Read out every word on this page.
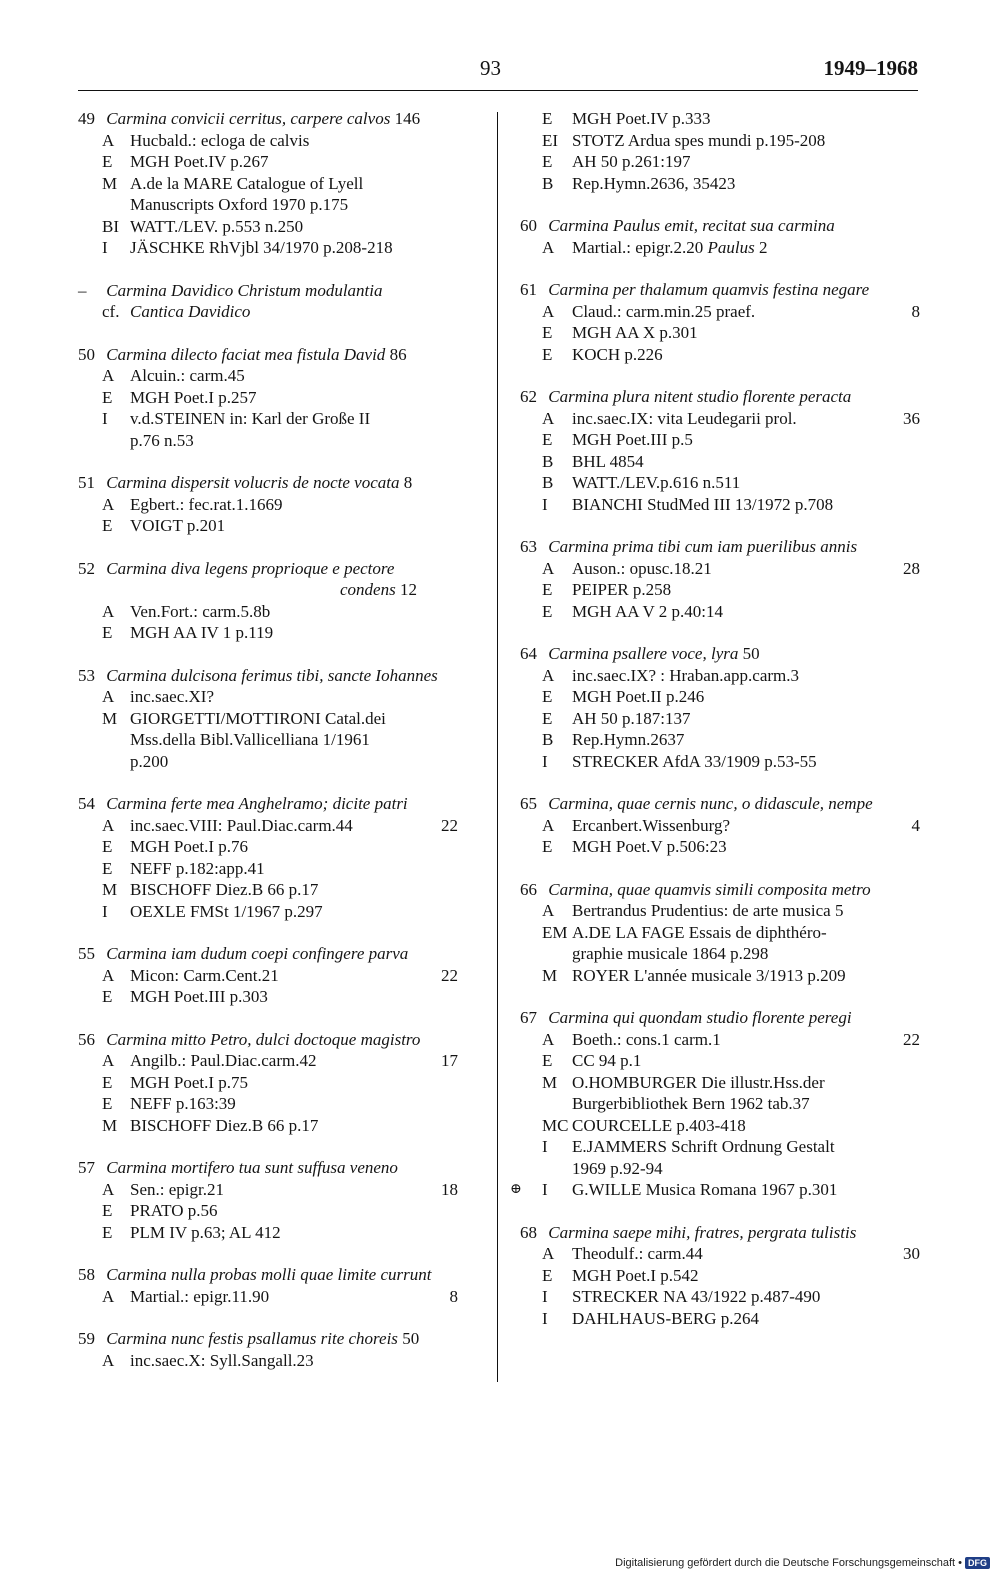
93	1949–1968
49 Carmina convicii cerritus, carpere calvos 146
A Hucbald.: ecloga de calvis
E	MGH Poet.IV p.267
M A.de la MARE Catalogue of Lyell
Manuscripts Oxford 1970 p.175
BI WATT./LEV. p.553 n.250
I	JÄSCHKE RhVjbl 34/1970 p.208-218
– Carmina Davidico Christum modulantia
cf. Cantica Davidico
50 Carmina dilecto faciat mea fistula David 86
A Alcuin.: carm.45
E	MGH Poet.I p.257
I	v.d.STEINEN in: Karl der Große II
p.76 n.53
51 Carmina dispersit volucris de nocte vocata 8
A Egbert.: fec.rat.1.1669
E	VOIGT p.201
52 Carmina diva legens proprioque e pectore
condens 12
A Ven.Fort.: carm.5.8b
E	MGH AA IV 1 p.119
53 Carmina dulcisona ferimus tibi, sancte Iohannes
A inc.saec.XI?
M GIORGETTI/MOTTIRONI Catal.dei
Mss.della Bibl.Vallicelliana 1/1961
p.200
54 Carmina ferte mea Anghelramo; dicite patri
A inc.saec.VIII: Paul.Diac.carm.44	22
E	MGH Poet.I p.76
E	NEFF p.182:app.41
M BISCHOFF Diez.B 66 p.17
I	OEXLE FMSt 1/1967 p.297
55 Carmina iam dudum coepi confingere parva
A Micon: Carm.Cent.21	22
E	MGH Poet.III p.303
56 Carmina mitto Petro, dulci doctoque magistro
A Angilb.: Paul.Diac.carm.42	17
E	MGH Poet.I p.75
E	NEFF p.163:39
M BISCHOFF Diez.B 66 p.17
57 Carmina mortifero tua sunt suffusa veneno
A Sen.: epigr.21	18
E	PRATO p.56
E	PLM IV p.63; AL 412
58 Carmina nulla probas molli quae limite currunt
A Martial.: epigr.11.90	8
59 Carmina nunc festis psallamus rite choreis 50
A inc.saec.X: Syll.Sangall.23
E	MGH Poet.IV p.333
EI STOTZ Ardua spes mundi p.195-208
E	AH 50 p.261:197
B	Rep.Hymn.2636, 35423
60 Carmina Paulus emit, recitat sua carmina
A	Martial.: epigr.2.20 Paulus 2
61 Carmina per thalamum quamvis festina negare
A	Claud.: carm.min.25 praef.	8
E	MGH AA X p.301
E	KOCH p.226
62 Carmina plura nitent studio florente peracta
A	inc.saec.IX: vita Leudegarii prol.	36
E	MGH Poet.III p.5
B	BHL 4854
B	WATT./LEV.p.616 n.511
I	BIANCHI StudMed III 13/1972 p.708
63 Carmina prima tibi cum iam puerilibus annis
A	Auson.: opusc.18.21	28
E	PEIPER p.258
E	MGH AA V 2 p.40:14
64 Carmina psallere voce, lyra 50
A	inc.saec.IX? : Hraban.app.carm.3
E	MGH Poet.II p.246
E	AH 50 p.187:137
B	Rep.Hymn.2637
I	STRECKER AfdA 33/1909 p.53-55
65 Carmina, quae cernis nunc, o didascule, nempe
A	Ercanbert.Wissenburg?	4
E	MGH Poet.V p.506:23
66 Carmina, quae quamvis simili composita metro
A	Bertrandus Prudentius: de arte musica 5
EM A.DE LA FAGE Essais de diphthéro-
graphie musicale 1864 p.298
M ROYER L'année musicale 3/1913 p.209
67 Carmina qui quondam studio florente peregi
A	Boeth.: cons.1 carm.1	22
E	CC 94 p.1
M O.HOMBURGER Die illustr.Hss.der
Burgerbibliothek Bern 1962 tab.37
MC COURCELLE p.403-418
I	E.JAMMERS Schrift Ordnung Gestalt
1969 p.92-94
⊕ I	G.WILLE Musica Romana 1967 p.301
68 Carmina saepe mihi, fratres, pergrata tulistis
A	Theodulf.: carm.44	30
E	MGH Poet.I p.542
I	STRECKER NA 43/1922 p.487-490
I	DAHLHAUS-BERG p.264
Digitalisierung gefördert durch die Deutsche Forschungsgemeinschaft • DFG
